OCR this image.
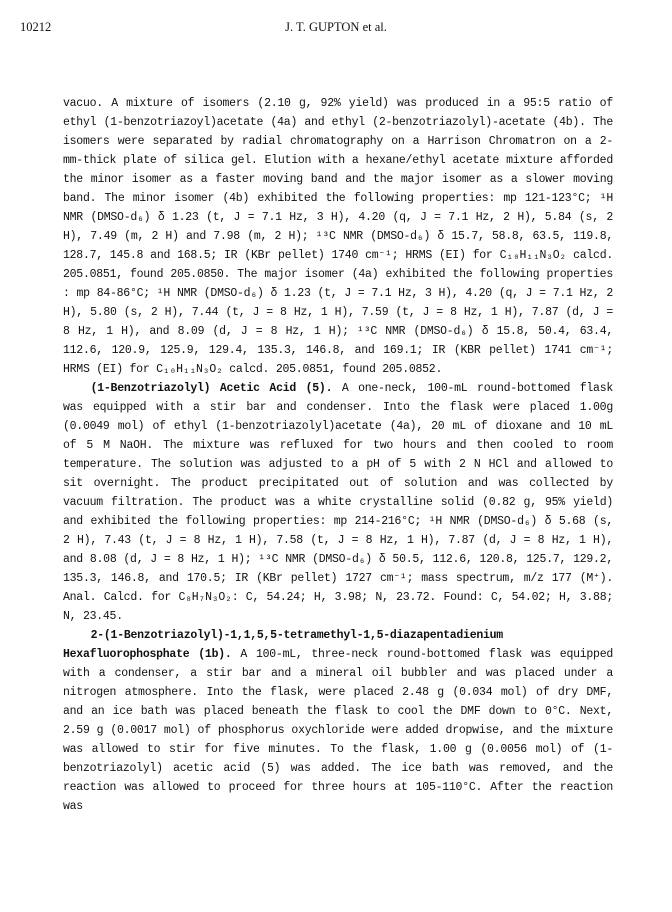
10212	J. T. GUPTON et al.

vacuo. A mixture of isomers (2.10 g, 92% yield) was produced in a 95:5 ratio of ethyl (1-benzotriazoyl)acetate (4a) and ethyl (2-benzotriazolyl)-acetate (4b). The isomers were separated by radial chromatography on a Harrison Chromatron on a 2-mm-thick plate of silica gel. Elution with a hexane/ethyl acetate mixture afforded the minor isomer as a faster moving band and the major isomer as a slower moving band. The minor isomer (4b) exhibited the following properties: mp 121-123°C; ¹H NMR (DMSO-d₆) δ 1.23 (t, J = 7.1 Hz, 3 H), 4.20 (q, J = 7.1 Hz, 2 H), 5.84 (s, 2 H), 7.49 (m, 2 H) and 7.98 (m, 2 H); ¹³C NMR (DMSO-d₆) δ 15.7, 58.8, 63.5, 119.8, 128.7, 145.8 and 168.5; IR (KBr pellet) 1740 cm⁻¹; HRMS (EI) for C₁₀H₁₁N₃O₂ calcd. 205.0851, found 205.0850. The major isomer (4a) exhibited the following properties : mp 84-86°C; ¹H NMR (DMSO-d₆) δ 1.23 (t, J = 7.1 Hz, 3 H), 4.20 (q, J = 7.1 Hz, 2 H), 5.80 (s, 2 H), 7.44 (t, J = 8 Hz, 1 H), 7.59 (t, J = 8 Hz, 1 H), 7.87 (d, J = 8 Hz, 1 H), and 8.09 (d, J = 8 Hz, 1 H); ¹³C NMR (DMSO-d₆) δ 15.8, 50.4, 63.4, 112.6, 120.9, 125.9, 129.4, 135.3, 146.8, and 169.1; IR (KBR pellet) 1741 cm⁻¹; HRMS (EI) for C₁₀H₁₁N₃O₂ calcd. 205.0851, found 205.0852.

(1-Benzotriazolyl) Acetic Acid (5). A one-neck, 100-mL round-bottomed flask was equipped with a stir bar and condenser. Into the flask were placed 1.00g (0.0049 mol) of ethyl (1-benzotriazolyl)acetate (4a), 20 mL of dioxane and 10 mL of 5 M NaOH. The mixture was refluxed for two hours and then cooled to room temperature. The solution was adjusted to a pH of 5 with 2 N HCl and allowed to sit overnight. The product precipitated out of solution and was collected by vacuum filtration. The product was a white crystalline solid (0.82 g, 95% yield) and exhibited the following properties: mp 214-216°C; ¹H NMR (DMSO-d₆) δ 5.68 (s, 2 H), 7.43 (t, J = 8 Hz, 1 H), 7.58 (t, J = 8 Hz, 1 H), 7.87 (d, J = 8 Hz, 1 H), and 8.08 (d, J = 8 Hz, 1 H); ¹³C NMR (DMSO-d₆) δ 50.5, 112.6, 120.8, 125.7, 129.2, 135.3, 146.8, and 170.5; IR (KBr pellet) 1727 cm⁻¹; mass spectrum, m/z 177 (M⁺). Anal. Calcd. for C₈H₇N₃O₂: C, 54.24; H, 3.98; N, 23.72. Found: C, 54.02; H, 3.88; N, 23.45.

2-(1-Benzotriazolyl)-1,1,5,5-tetramethyl-1,5-diazapentadienium Hexafluorophosphate (1b). A 100-mL, three-neck round-bottomed flask was equipped with a condenser, a stir bar and a mineral oil bubbler and was placed under a nitrogen atmosphere. Into the flask, were placed 2.48 g (0.034 mol) of dry DMF, and an ice bath was placed beneath the flask to cool the DMF down to 0°C. Next, 2.59 g (0.0017 mol) of phosphorus oxychloride were added dropwise, and the mixture was allowed to stir for five minutes. To the flask, 1.00 g (0.0056 mol) of (1-benzotriazolyl) acetic acid (5) was added. The ice bath was removed, and the reaction was allowed to proceed for three hours at 105-110°C. After the reaction was
